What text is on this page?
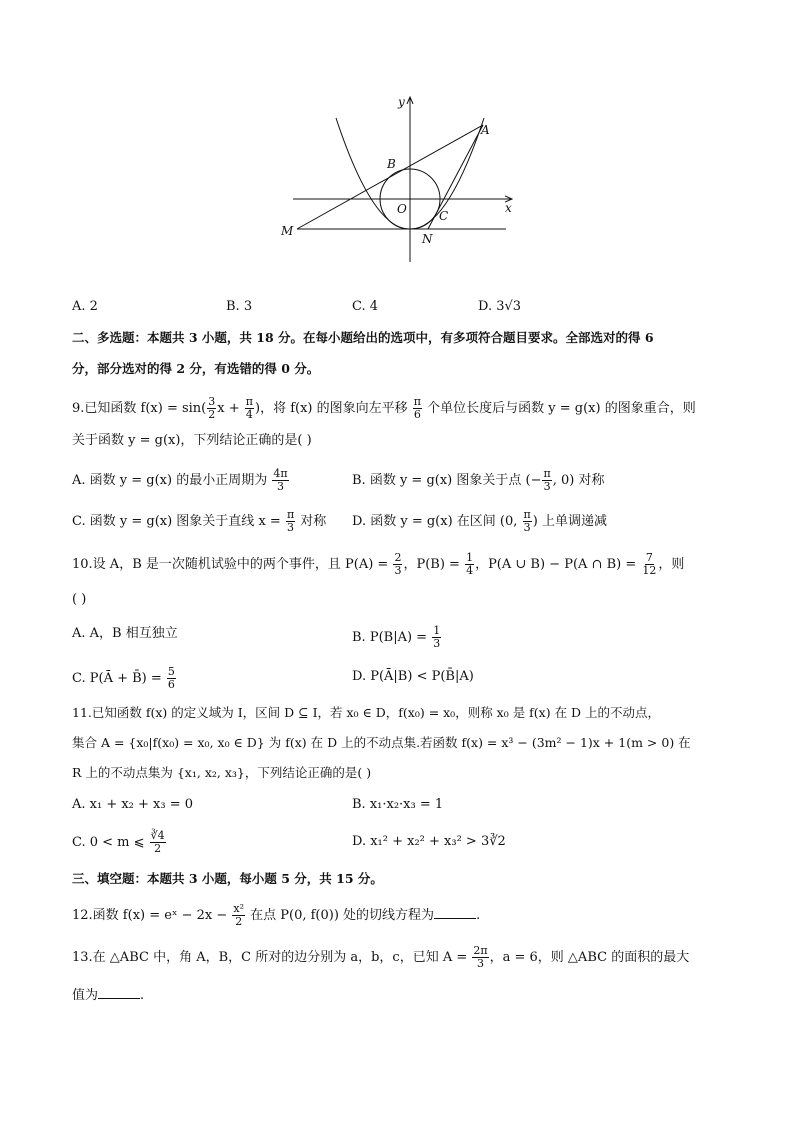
y
x
A
B
O	C
M
N
A. 2	B. 3	C. 4	D. 3√3
二、多选题：本题共 3 小题，共 18 分。在每小题给出的选项中，有多项符合题目要求。全部选对的得 6
分，部分选对的得 2 分，有选错的得 0 分。
9.已知函数 $f(x) = \sin( \frac{3}{2}$ $x + \frac{\pi}{4}$ )，将 f(x) 的图象向左平移 $\frac{\pi}{6}$ 个单位长度后与函数 y = g(x) 的图象重合，则
关于函数 y = g(x)，下列结论正确的是( )
A. 函数 y = g(x) 的最小正周期为 $\frac{4\pi}{3}$	B. 函数 y = g(x) 图象关于点 (− $\frac{\pi}{3}$ , 0) 对称
C. 函数 y = g(x) 图象关于直线 $x = \frac{\pi}{3}$ 对称 D. 函数 y = g(x) 在区间 (0, $\frac{\pi}{3}$ ) 上单调递减
10.设 A，B 是一次随机试验中的两个事件，且 $P(A) = \frac{2}{3}$ ，$P(B) = \frac{1}{4}$ ，P(A ∪ B) − P(A ∩ $B) = \frac{7}{12}$ ，则
( )
A. A，B 相互独立	B. $P(B|A) = \frac{1}{3}$
C. P(Ā + B̄) = $\frac{5}{6}$	D. P(Ā|B) < P(B̄|A)
11.已知函数 f(x) 的定义域为 I，区间 D ⊆ I，若 x₀ ∈ D，f(x₀) = x₀，则称 x₀ 是 f(x) 在 D 上的不动点，
集合 A = {x₀|f(x₀) = x₀, x₀ ∈ D} 为 f(x) 在 D 上的不动点集.若函数 f(x) = x³ − (3m² − 1)x + 1(m > 0) 在
R 上的不动点集为 {x₁, x₂, x₃}，下列结论正确的是( )
A. x₁ + x₂ + x₃ = 0	B. x₁·x₂·x₃ = 1
C. 0 < m ⩽ $\frac{∛4}{2}$	D. x₁² + x₂² + x₃² > 3∛2
三、填空题：本题共 3 小题，每小题 5 分，共 15 分。
12.函数 f(x) = eˣ − $2x - \frac{\text{x²}}{2}$ 在点 P(0, f(0)) 处的切线方程为	.
13.在 △ABC 中，角 A，B，C 所对的边分别为 a，b，c，已知 $A = \frac{2\pi}{3}$ ，a = 6，则 △ABC 的面积的最大
值为	.
